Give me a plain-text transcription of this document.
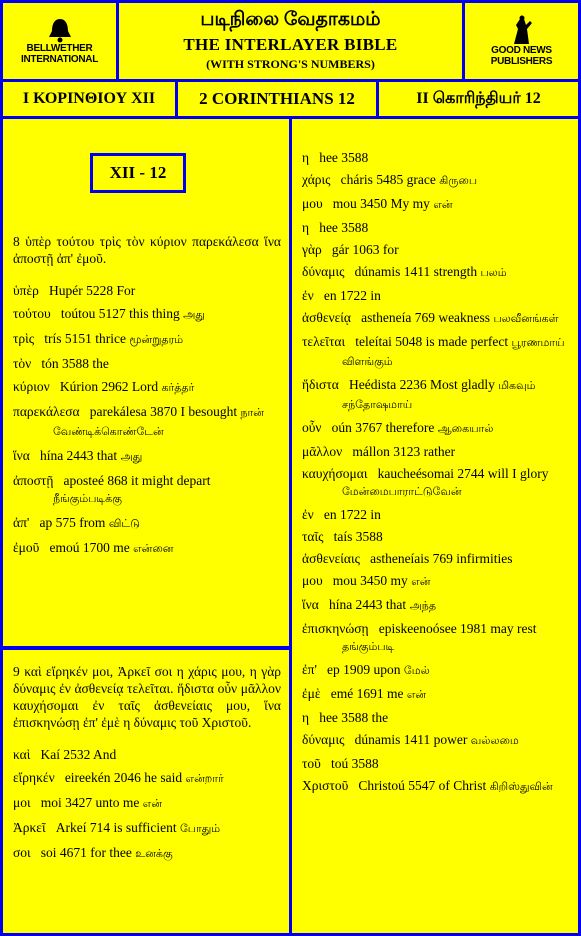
BELLWETHER INTERNATIONAL
படிநிலை வேதாகமம்
THE INTERLAYER BIBLE
(WITH STRONG'S NUMBERS)
GOOD NEWS PUBLISHERS
I ΚΟΡΙΝΘΙΟΥ XII	2 CORINTHIANS
12	II கொரிந்தியர்
12
XII - 12
8 ὑπὲρ τούτου τρὶς τὸν κύριον παρεκάλεσα ἵνα ἀποστῇ ἀπ' ἐμοῦ.
ὑπὲρ   Hupér 5228 For
τούτου   toútou 5127 this thing அது
τρὶς   trís 5151 thrice மூன்றுதரம்
τὸν   tón 3588 the
κύριον   Kúrion 2962 Lord கர்த்தர்
παρεκάλεσα   parekálesa 3870 I besought நான் வேண்டிக்கொண்டேன்
ἵνα   hína 2443 that அது
ἀποστῇ   aposteé 868 it might depart நீங்கும்படிக்கு
ἀπ'   ap 575 from விட்டு
ἐμοῦ   emoú 1700 me என்னை
9 καὶ εἴρηκέν μοι, Ἀρκεῖ σοι η χάρις μου, η γὰρ δύναμις ἐν ἀσθενείᾳ τελεῖται. ἥδιστα οὖν μᾶλλον καυχήσομαι ἐν ταῖς ἀσθενείαις μου, ἵνα ἐπισκηνώσῃ ἐπ' ἐμὲ η δύναμις τοῦ Χριστοῦ.
καὶ   Kaí 2532 And
εἴρηκέν   eireekén 2046 he said என்றார்
μοι   moi 3427 unto me என்
Ἀρκεῖ   Arkeí 714 is sufficient போதும்
σοι   soi 4671 for thee உனக்கு
η   hee 3588
χάρις   cháris 5485 grace கிருபை
μου   mou 3450 My my என்
η   hee 3588
γὰρ   gár 1063 for
δύναμις   dúnamis 1411 strength பலம்
ἐν   en 1722 in
ἀσθενείᾳ   astheneía 769 weakness பலவீனங்கள்
τελεῖται   teleítai 5048 is made perfect பூரணமாய் விளங்கும்
ἥδιστα   Heédista 2236 Most gladly மிகவும் சந்தோஷமாய்
οὖν   oún 3767 therefore ஆகையால்
μᾶλλον   mállon 3123 rather
καυχήσομαι   kaucheésomai 2744 will I glory மேன்மைபாராட்டுவேன்
ἐν   en 1722 in
ταῖς   taís 3588
ἀσθενείαις   astheneíais 769 infirmities
μου   mou 3450 my என்
ἵνα   hína 2443 that அந்த
ἐπισκηνώσῃ   episkeenoósee 1981 may rest தங்கும்படி
ἐπ'   ep 1909 upon மேல்
ἐμὲ   emé 1691 me என்
η   hee 3588 the
δύναμις   dúnamis 1411 power வல்லமை
τοῦ   toú 3588
Χριστοῦ   Christoú 5547 of Christ கிறிஸ்துவின்
